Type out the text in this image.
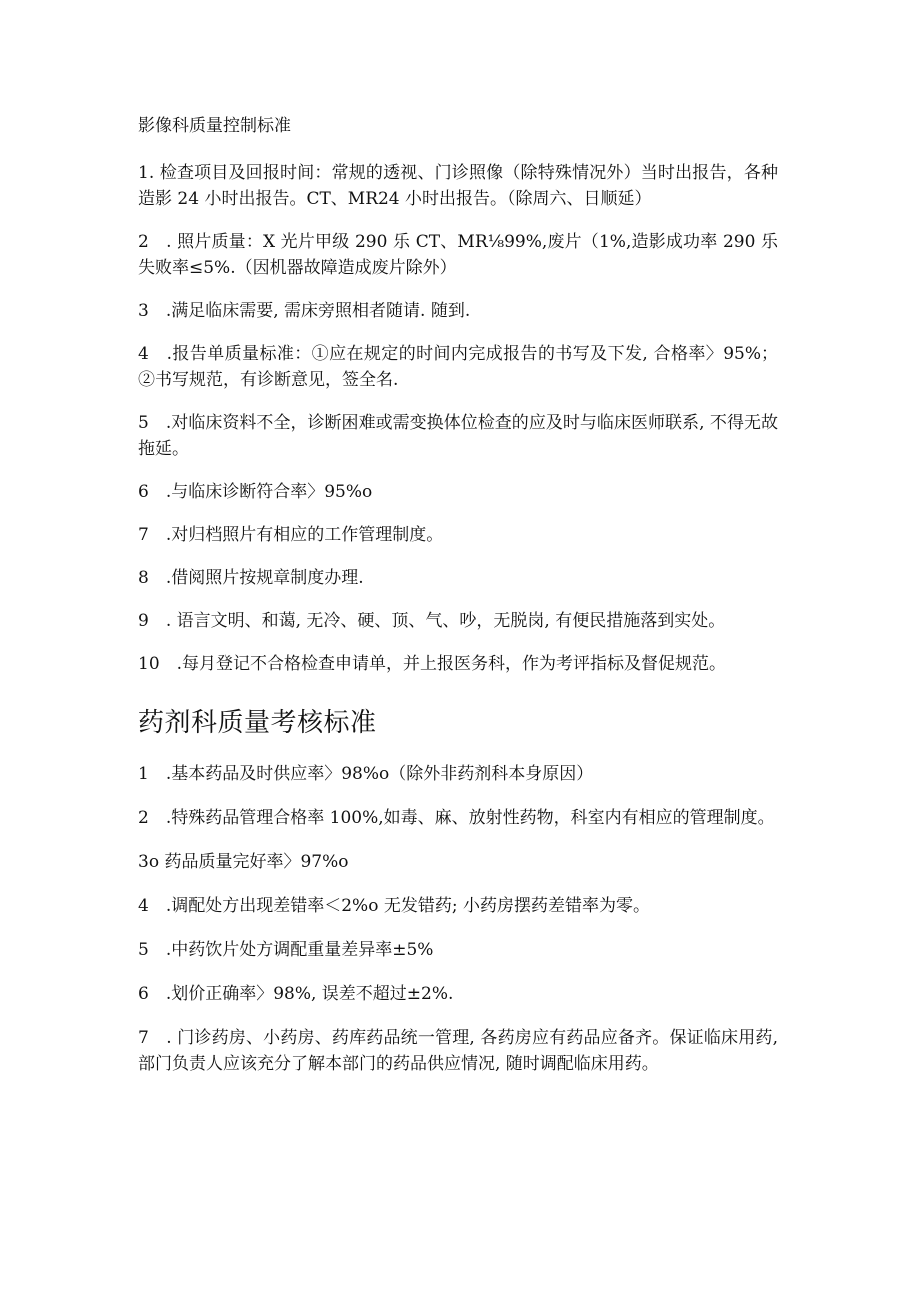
影像科质量控制标准

1. 检查项目及回报时间：常规的透视、门诊照像（除特殊情况外）当时出报告，各种造影 24 小时出报告。CT、MR24 小时出报告。（除周六、日顺延）

2　. 照片质量：X 光片甲级 290 乐 CT、MR⅛99%,废片（1%,造影成功率 290 乐失败率≤5%.（因机器故障造成废片除外）

3　.满足临床需要, 需床旁照相者随请. 随到.

4　.报告单质量标准：①应在规定的时间内完成报告的书写及下发, 合格率〉95%；②书写规范，有诊断意见，签全名.

5　.对临床资料不全，诊断困难或需变换体位检查的应及时与临床医师联系, 不得无故拖延。

6　.与临床诊断符合率〉95%o

7　.对归档照片有相应的工作管理制度。

8　.借阅照片按规章制度办理.

9　. 语言文明、和蔼, 无冷、硬、顶、气、吵，无脱岗, 有便民措施落到实处。

10　.每月登记不合格检查申请单，并上报医务科，作为考评指标及督促规范。

药剂科质量考核标准

1　.基本药品及时供应率〉98%o（除外非药剂科本身原因）

2　.特殊药品管理合格率 100%,如毒、麻、放射性药物，科室内有相应的管理制度。

3o 药品质量完好率〉97%o

4　.调配处方出现差错率＜2%o 无发错药; 小药房摆药差错率为零。

5　.中药饮片处方调配重量差异率±5%

6　.划价正确率〉98%, 误差不超过±2%.

7　. 门诊药房、小药房、药库药品统一管理, 各药房应有药品应备齐。保证临床用药, 部门负责人应该充分了解本部门的药品供应情况, 随时调配临床用药。
